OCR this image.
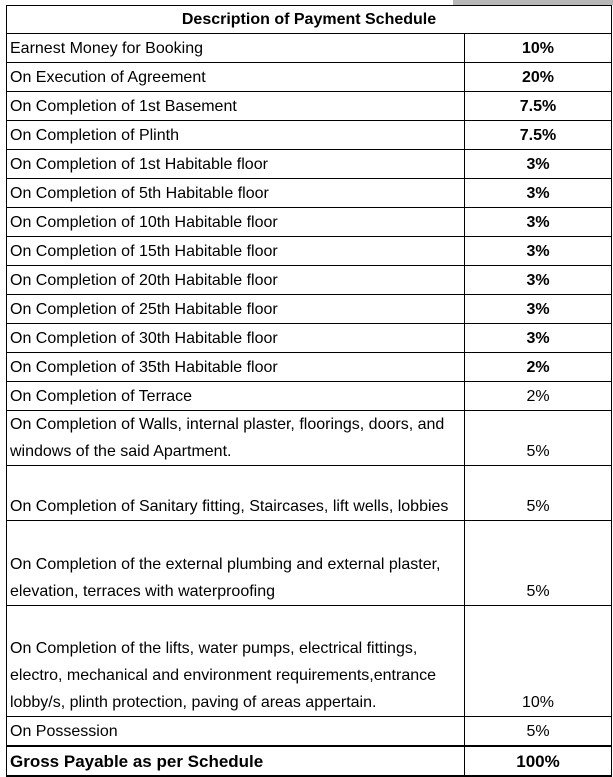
Description of Payment Schedule	
Earnest Money for Booking	10%
On Execution of Agreement	20%
On Completion of 1st Basement	7.5%
On Completion of Plinth	7.5%
On Completion of 1st Habitable floor	3%
On Completion of 5th Habitable floor	3%
On Completion of 10th Habitable floor	3%
On Completion of 15th Habitable floor	3%
On Completion of 20th Habitable floor	3%
On Completion of 25th Habitable floor	3%
On Completion of 30th Habitable floor	3%
On Completion of 35th Habitable floor	2%
On Completion of Terrace	2%
On Completion of Walls, internal plaster, floorings, doors, and windows of the said Apartment.	5%
On Completion of Sanitary fitting, Staircases, lift wells, lobbies	5%
On Completion of the external plumbing and external plaster, elevation, terraces with waterproofing	5%
On Completion of the lifts, water pumps, electrical fittings, electro, mechanical and environment requirements,entrance lobby/s, plinth protection, paving of areas appertain.	10%
On Possession	5%
Gross Payable as per Schedule	100%
